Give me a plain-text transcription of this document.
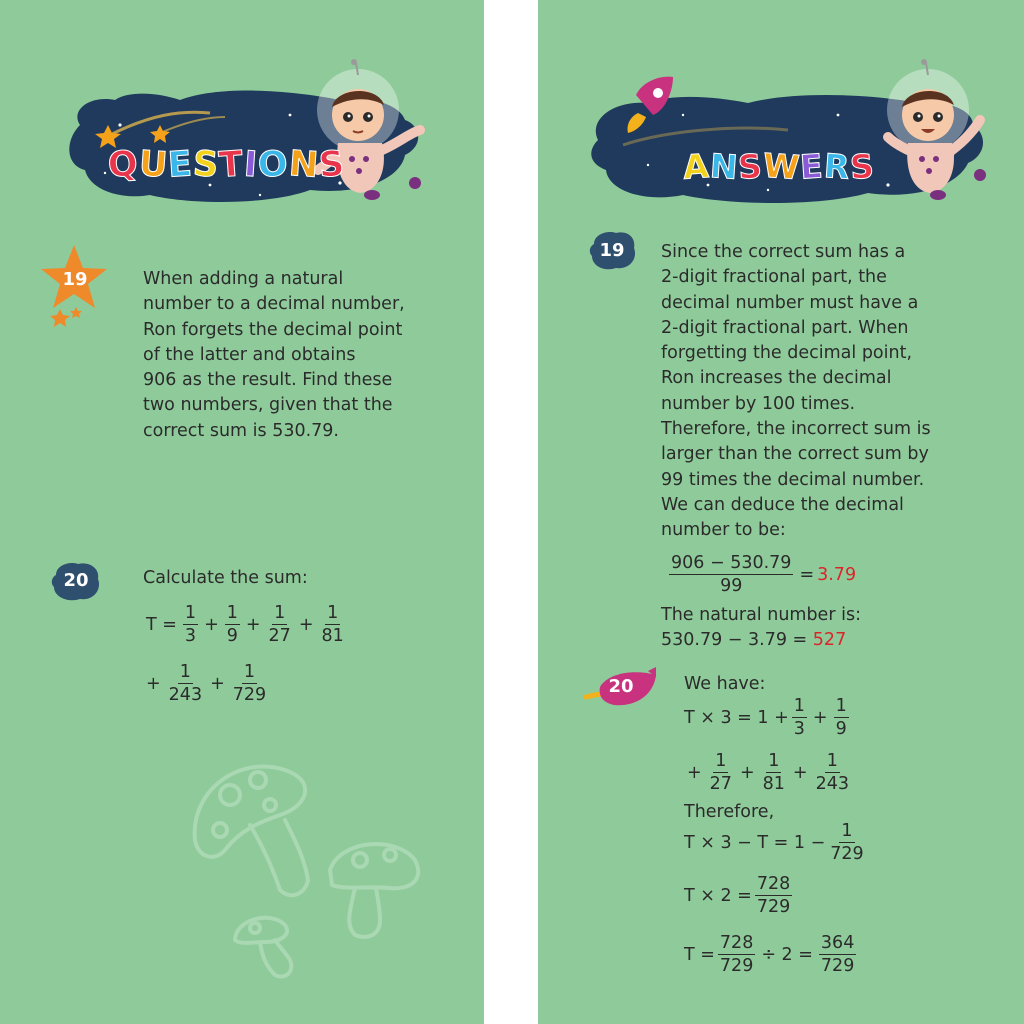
QUESTIONS
19	When adding a natural

number to a decimal number,

Ron forgets the decimal point

of the latter and obtains

906 as the result. Find these

two numbers, given that the

correct sum is 530.79.

20	Calculate the sum:
$T = \frac{1}{3} + \frac{1}{9} + \frac{1}{27} + \frac{1}{81}$
+ $\frac{1}{243} + \frac{1}{729}$
ANSWERS
19	Since the correct sum has a

2-digit fractional part, the

decimal number must have a

2-digit fractional part. When

forgetting the decimal point,

Ron increases the decimal

number by 100 times.

Therefore, the incorrect sum is

larger than the correct sum by

99 times the decimal number.

We can deduce the decimal

number to be:

$\frac{906 - 530.79}{99} = 3.79$
The natural number is:
530.79 − 3.79 = 527
20	We have:
$T \times 3 = 1 + \frac{1}{3} + \frac{1}{9}$
+ $\frac{1}{27} + \frac{1}{81} + \frac{1}{243}$
Therefore,
$T \times 3 - T = 1 - \frac{1}{729}$
$T \times 2 = \frac{728}{729}$
$T = \frac{728}{729} \div 2 = \frac{364}{729}$
